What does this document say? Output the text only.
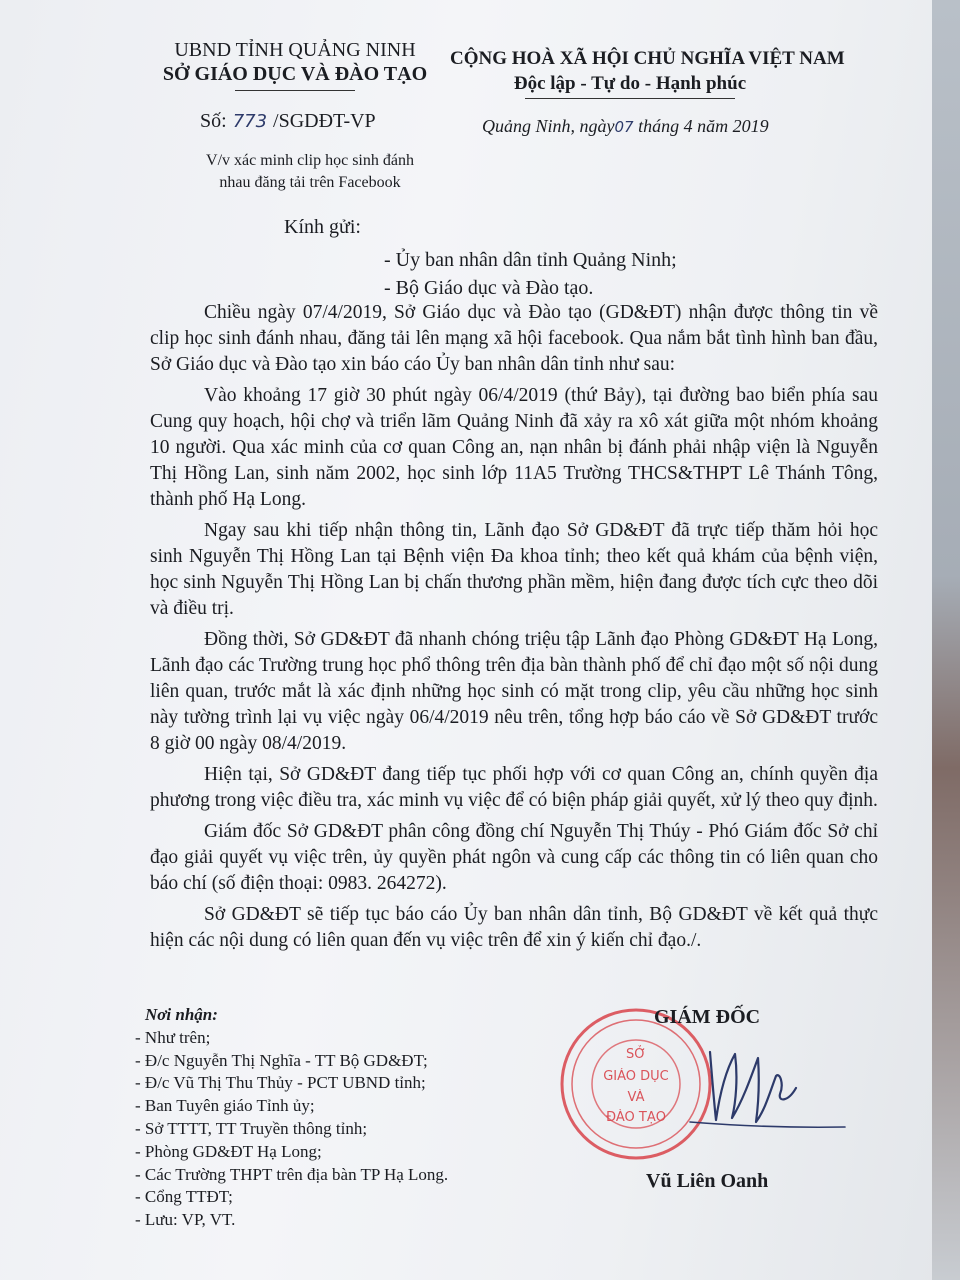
UBND TỈNH QUẢNG NINH
SỞ GIÁO DỤC VÀ ĐÀO TẠO
CỘNG HOÀ XÃ HỘI CHỦ NGHĨA VIỆT NAM
Độc lập - Tự do - Hạnh phúc
Số: 773 /SGDĐT-VP	Quảng Ninh, ngày07 tháng 4 năm 2019
V/v xác minh clip học sinh đánh
nhau đăng tải trên Facebook
Kính gửi:
- Ủy ban nhân dân tỉnh Quảng Ninh;
- Bộ Giáo dục và Đào tạo.

Chiều ngày 07/4/2019, Sở Giáo dục và Đào tạo (GD&ĐT) nhận được thông tin về clip học sinh đánh nhau, đăng tải lên mạng xã hội facebook. Qua nắm bắt tình hình ban đầu, Sở Giáo dục và Đào tạo xin báo cáo Ủy ban nhân dân tỉnh như sau:

Vào khoảng 17 giờ 30 phút ngày 06/4/2019 (thứ Bảy), tại đường bao biển phía sau Cung quy hoạch, hội chợ và triển lãm Quảng Ninh đã xảy ra xô xát giữa một nhóm khoảng 10 người. Qua xác minh của cơ quan Công an, nạn nhân bị đánh phải nhập viện là Nguyễn Thị Hồng Lan, sinh năm 2002, học sinh lớp 11A5 Trường THCS&THPT Lê Thánh Tông, thành phố Hạ Long.

Ngay sau khi tiếp nhận thông tin, Lãnh đạo Sở GD&ĐT đã trực tiếp thăm hỏi học sinh Nguyễn Thị Hồng Lan tại Bệnh viện Đa khoa tỉnh; theo kết quả khám của bệnh viện, học sinh Nguyễn Thị Hồng Lan bị chấn thương phần mềm, hiện đang được tích cực theo dõi và điều trị.

Đồng thời, Sở GD&ĐT đã nhanh chóng triệu tập Lãnh đạo Phòng GD&ĐT Hạ Long, Lãnh đạo các Trường trung học phổ thông trên địa bàn thành phố để chỉ đạo một số nội dung liên quan, trước mắt là xác định những học sinh có mặt trong clip, yêu cầu những học sinh này tường trình lại vụ việc ngày 06/4/2019 nêu trên, tổng hợp báo cáo về Sở GD&ĐT trước 8 giờ 00 ngày 08/4/2019.

Hiện tại, Sở GD&ĐT đang tiếp tục phối hợp với cơ quan Công an, chính quyền địa phương trong việc điều tra, xác minh vụ việc để có biện pháp giải quyết, xử lý theo quy định.

Giám đốc Sở GD&ĐT phân công đồng chí Nguyễn Thị Thúy - Phó Giám đốc Sở chỉ đạo giải quyết vụ việc trên, ủy quyền phát ngôn và cung cấp các thông tin có liên quan cho báo chí (số điện thoại: 0983. 264272).

Sở GD&ĐT sẽ tiếp tục báo cáo Ủy ban nhân dân tỉnh, Bộ GD&ĐT về kết quả thực hiện các nội dung có liên quan đến vụ việc trên để xin ý kiến chỉ đạo./.

Nơi nhận:
- Như trên;
- Đ/c Nguyễn Thị Nghĩa - TT Bộ GD&ĐT;
- Đ/c Vũ Thị Thu Thủy - PCT UBND tỉnh;
- Ban Tuyên giáo Tỉnh ủy;
- Sở TTTT, TT Truyền thông tỉnh;
- Phòng GD&ĐT Hạ Long;
- Các Trường THPT trên địa bàn TP Hạ Long.
- Cổng TTĐT;
- Lưu: VP, VT.
SỞ
GIÁO DỤC
VÀ
ĐÀO TẠO
GIÁM ĐỐC
Vũ Liên Oanh
